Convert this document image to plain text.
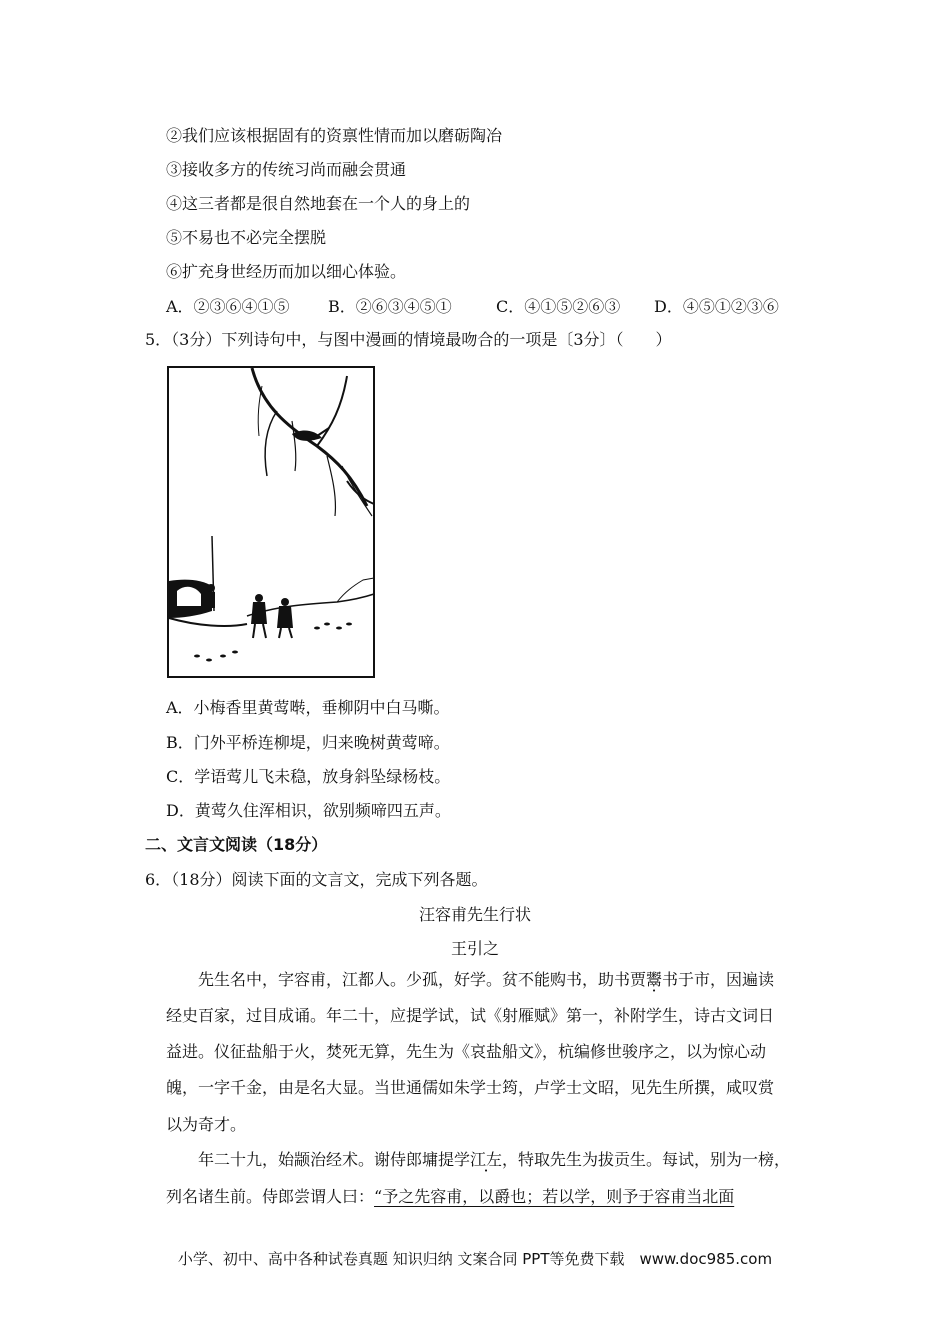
②我们应该根据固有的资禀性情而加以磨砺陶冶
③接收多方的传统习尚而融会贯通
④这三者都是很自然地套在一个人的身上的
⑤不易也不必完全摆脱
⑥扩充身世经历而加以细心体验。
A．②③⑥④①⑤ B．②⑥③④⑤①	C．④①⑤②⑥③ D．④⑤①②③⑥
5．（3分）下列诗句中，与图中漫画的情境最吻合的一项是〔3分〕（　　）
A．小梅香里黄莺啭，垂柳阴中白马嘶。
B．门外平桥连柳堤，归来晚树黄莺啼。
C．学语莺儿飞未稳，放身斜坠绿杨枝。
D．黄莺久住浑相识，欲别频啼四五声。
二、文言文阅读（18分）
6．（18分）阅读下面的文言文，完成下列各题。
汪容甫先生行状
王引之
先生名中，字容甫，江都人。少孤，好学。贫不能购书，助书贾鬻书于市，因遍读
经史百家，过目成诵。年二十，应提学试，试《射雁赋》第一，补附学生，诗古文词日
益进。仪征盐船于火，焚死无算，先生为《哀盐船文》，杭编修世骏序之，以为惊心动
魄，一字千金，由是名大显。当世通儒如朱学士筠，卢学士文昭，见先生所撰，咸叹赏
以为奇才。
年二十九，始颛治经术。谢侍郎墉提学江左，特取先生为拔贡生。每试，别为一榜，
列名诸生前。侍郎尝谓人曰：“予之先容甫，以爵也；若以学，则予于容甫当北面
小学、初中、高中各种试卷真题 知识归纳 文案合同 PPT等免费下载　www.doc985.com
